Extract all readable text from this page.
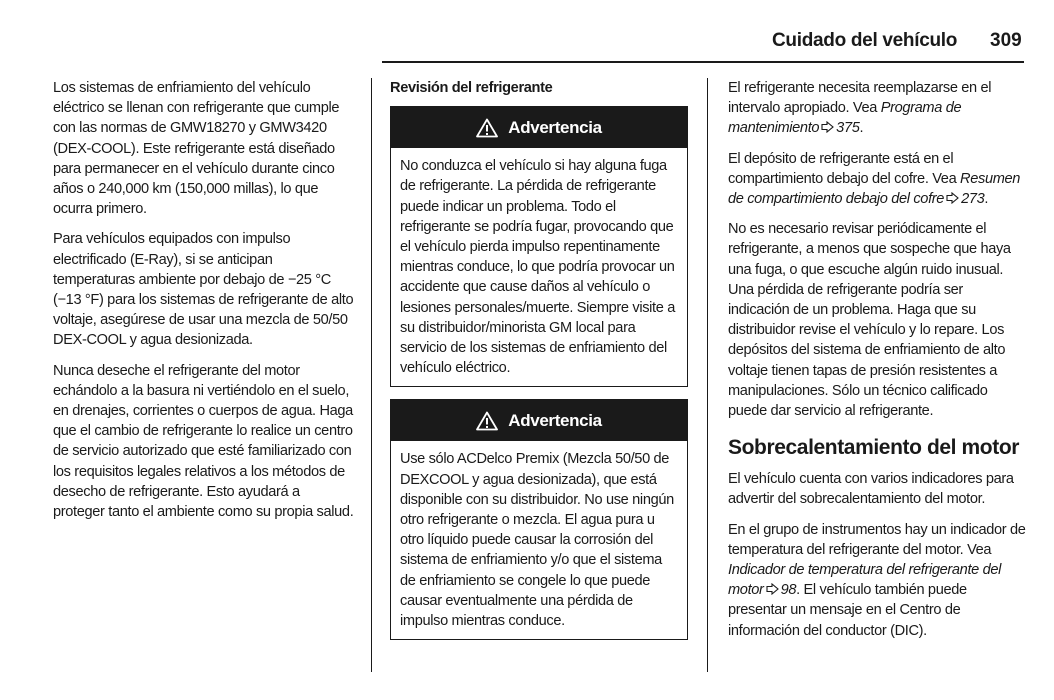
Cuidado del vehículo 309

Los sistemas de enfriamiento del vehículo eléctrico se llenan con refrigerante que cumple con las normas de GMW18270 y GMW3420 (DEX-COOL). Este refrigerante está diseñado para permanecer en el vehículo durante cinco años o 240,000 km (150,000 millas), lo que ocurra primero.

Para vehículos equipados con impulso electrificado (E-Ray), si se anticipan temperaturas ambiente por debajo de −25 °C (−13 °F) para los sistemas de refrigerante de alto voltaje, asegúrese de usar una mezcla de 50/50 DEX-COOL y agua desionizada.

Nunca deseche el refrigerante del motor echándolo a la basura ni vertiéndolo en el suelo, en drenajes, corrientes o cuerpos de agua. Haga que el cambio de refrigerante lo realice un centro de servicio autorizado que esté familiarizado con los requisitos legales relativos a los métodos de desecho de refrigerante. Esto ayudará a proteger tanto el ambiente como su propia salud.

Revisión del refrigerante
Advertencia

No conduzca el vehículo si hay alguna fuga de refrigerante. La pérdida de refrigerante puede indicar un problema. Todo el refrigerante se podría fugar, provocando que el vehículo pierda impulso repentinamente mientras conduce, lo que podría provocar un accidente que cause daños al vehículo o lesiones personales/muerte. Siempre visite a su distribuidor/minorista GM local para servicio de los sistemas de enfriamiento del vehículo eléctrico.

Advertencia

Use sólo ACDelco Premix (Mezcla 50/50 de DEXCOOL y agua desionizada), que está disponible con su distribuidor. No use ningún otro refrigerante o mezcla. El agua pura u otro líquido puede causar la corrosión del sistema de enfriamiento y/o que el sistema de enfriamiento se congele lo que puede causar eventualmente una pérdida de impulso mientras conduce.

El refrigerante necesita reemplazarse en el intervalo apropiado. Vea Programa de mantenimiento 375.

El depósito de refrigerante está en el compartimiento debajo del cofre. Vea Resumen de compartimiento debajo del cofre 273.

No es necesario revisar periódicamente el refrigerante, a menos que sospeche que haya una fuga, o que escuche algún ruido inusual. Una pérdida de refrigerante podría ser indicación de un problema. Haga que su distribuidor revise el vehículo y lo repare. Los depósitos del sistema de enfriamiento de alto voltaje tienen tapas de presión resistentes a manipulaciones. Sólo un técnico calificado puede dar servicio al refrigerante.

Sobrecalentamiento del motor

El vehículo cuenta con varios indicadores para advertir del sobrecalentamiento del motor.

En el grupo de instrumentos hay un indicador de temperatura del refrigerante del motor. Vea Indicador de temperatura del refrigerante del motor 98. El vehículo también puede presentar un mensaje en el Centro de información del conductor (DIC).
